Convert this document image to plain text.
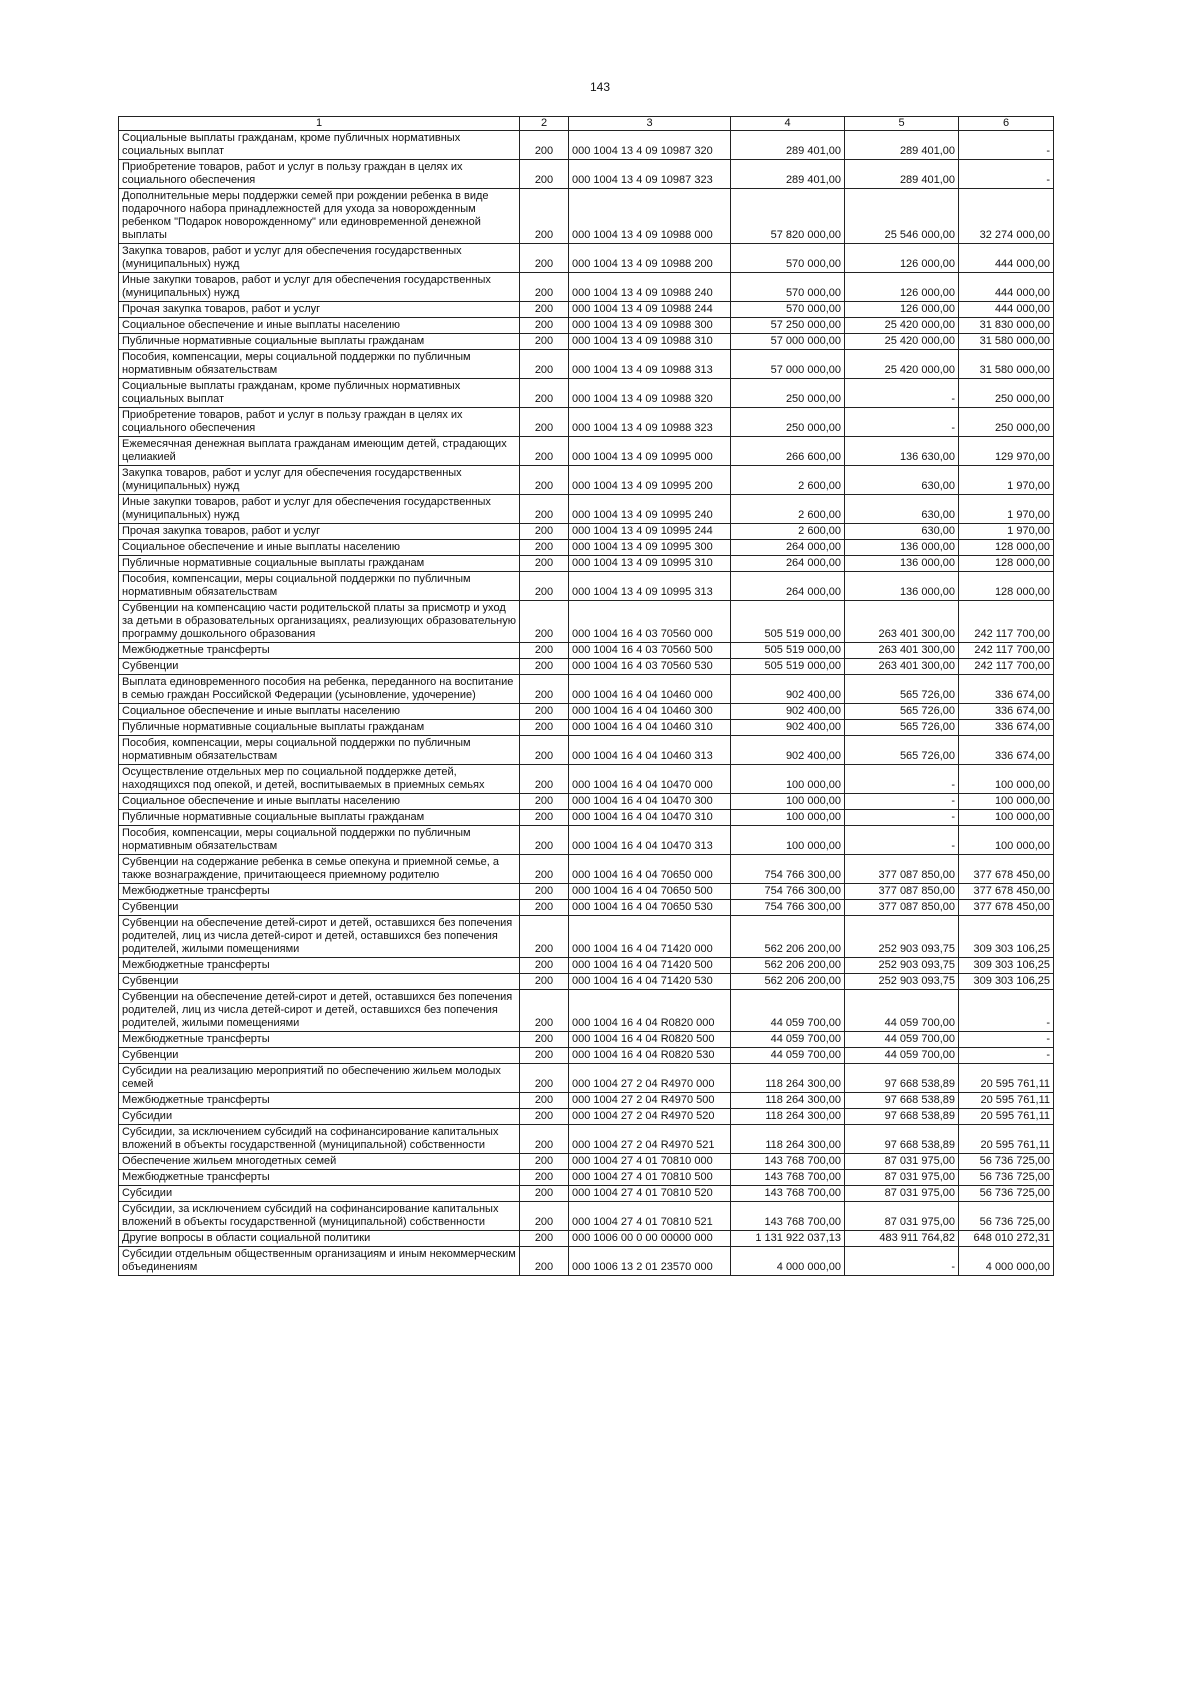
143
1	2	3	4	5	6
Социальные выплаты гражданам, кроме публичных нормативных социальных выплат	200	000 1004 13 4 09 10987 320	289 401,00	289 401,00	-
Приобретение товаров, работ и услуг в пользу граждан в целях их социального обеспечения	200	000 1004 13 4 09 10987 323	289 401,00	289 401,00	-
Дополнительные меры поддержки семей при рождении ребенка в виде подарочного набора принадлежностей для ухода за новорожденным ребенком "Подарок новорожденному" или единовременной денежной выплаты	200	000 1004 13 4 09 10988 000	57 820 000,00	25 546 000,00	32 274 000,00
Закупка товаров, работ и услуг для обеспечения государственных (муниципальных) нужд	200	000 1004 13 4 09 10988 200	570 000,00	126 000,00	444 000,00
Иные закупки товаров, работ и услуг для обеспечения государственных (муниципальных) нужд	200	000 1004 13 4 09 10988 240	570 000,00	126 000,00	444 000,00
Прочая закупка товаров, работ и услуг	200	000 1004 13 4 09 10988 244	570 000,00	126 000,00	444 000,00
Социальное обеспечение и иные выплаты населению	200	000 1004 13 4 09 10988 300	57 250 000,00	25 420 000,00	31 830 000,00
Публичные нормативные социальные выплаты гражданам	200	000 1004 13 4 09 10988 310	57 000 000,00	25 420 000,00	31 580 000,00
Пособия, компенсации, меры социальной поддержки по публичным нормативным обязательствам	200	000 1004 13 4 09 10988 313	57 000 000,00	25 420 000,00	31 580 000,00
Социальные выплаты гражданам, кроме публичных нормативных социальных выплат	200	000 1004 13 4 09 10988 320	250 000,00	-	250 000,00
Приобретение товаров, работ и услуг в пользу граждан в целях их социального обеспечения	200	000 1004 13 4 09 10988 323	250 000,00	-	250 000,00
Ежемесячная денежная выплата гражданам имеющим детей, страдающих целиакией	200	000 1004 13 4 09 10995 000	266 600,00	136 630,00	129 970,00
Закупка товаров, работ и услуг для обеспечения государственных (муниципальных) нужд	200	000 1004 13 4 09 10995 200	2 600,00	630,00	1 970,00
Иные закупки товаров, работ и услуг для обеспечения государственных (муниципальных) нужд	200	000 1004 13 4 09 10995 240	2 600,00	630,00	1 970,00
Прочая закупка товаров, работ и услуг	200	000 1004 13 4 09 10995 244	2 600,00	630,00	1 970,00
Социальное обеспечение и иные выплаты населению	200	000 1004 13 4 09 10995 300	264 000,00	136 000,00	128 000,00
Публичные нормативные социальные выплаты гражданам	200	000 1004 13 4 09 10995 310	264 000,00	136 000,00	128 000,00
Пособия, компенсации, меры социальной поддержки по публичным нормативным обязательствам	200	000 1004 13 4 09 10995 313	264 000,00	136 000,00	128 000,00
Субвенции на компенсацию части родительской платы за присмотр и уход за детьми в образовательных организациях, реализующих образовательную программу дошкольного образования	200	000 1004 16 4 03 70560 000	505 519 000,00	263 401 300,00	242 117 700,00
Межбюджетные трансферты	200	000 1004 16 4 03 70560 500	505 519 000,00	263 401 300,00	242 117 700,00
Субвенции	200	000 1004 16 4 03 70560 530	505 519 000,00	263 401 300,00	242 117 700,00
Выплата единовременного пособия на ребенка, переданного на воспитание в семью граждан Российской Федерации (усыновление, удочерение)	200	000 1004 16 4 04 10460 000	902 400,00	565 726,00	336 674,00
Социальное обеспечение и иные выплаты населению	200	000 1004 16 4 04 10460 300	902 400,00	565 726,00	336 674,00
Публичные нормативные социальные выплаты гражданам	200	000 1004 16 4 04 10460 310	902 400,00	565 726,00	336 674,00
Пособия, компенсации, меры социальной поддержки по публичным нормативным обязательствам	200	000 1004 16 4 04 10460 313	902 400,00	565 726,00	336 674,00
Осуществление отдельных мер по социальной поддержке детей, находящихся под опекой, и детей, воспитываемых в приемных семьях	200	000 1004 16 4 04 10470 000	100 000,00	-	100 000,00
Социальное обеспечение и иные выплаты населению	200	000 1004 16 4 04 10470 300	100 000,00	-	100 000,00
Публичные нормативные социальные выплаты гражданам	200	000 1004 16 4 04 10470 310	100 000,00	-	100 000,00
Пособия, компенсации, меры социальной поддержки по публичным нормативным обязательствам	200	000 1004 16 4 04 10470 313	100 000,00	-	100 000,00
Субвенции на содержание ребенка в семье опекуна и приемной семье, а также вознаграждение, причитающееся приемному родителю	200	000 1004 16 4 04 70650 000	754 766 300,00	377 087 850,00	377 678 450,00
Межбюджетные трансферты	200	000 1004 16 4 04 70650 500	754 766 300,00	377 087 850,00	377 678 450,00
Субвенции	200	000 1004 16 4 04 70650 530	754 766 300,00	377 087 850,00	377 678 450,00
Субвенции на обеспечение детей-сирот и детей, оставшихся без попечения родителей, лиц из числа детей-сирот и детей, оставшихся без попечения родителей, жилыми помещениями	200	000 1004 16 4 04 71420 000	562 206 200,00	252 903 093,75	309 303 106,25
Межбюджетные трансферты	200	000 1004 16 4 04 71420 500	562 206 200,00	252 903 093,75	309 303 106,25
Субвенции	200	000 1004 16 4 04 71420 530	562 206 200,00	252 903 093,75	309 303 106,25
Субвенции на обеспечение детей-сирот и детей, оставшихся без попечения родителей, лиц из числа детей-сирот и детей, оставшихся без попечения родителей, жилыми помещениями	200	000 1004 16 4 04 R0820 000	44 059 700,00	44 059 700,00	-
Межбюджетные трансферты	200	000 1004 16 4 04 R0820 500	44 059 700,00	44 059 700,00	-
Субвенции	200	000 1004 16 4 04 R0820 530	44 059 700,00	44 059 700,00	-
Субсидии на реализацию мероприятий по обеспечению жильем молодых семей	200	000 1004 27 2 04 R4970 000	118 264 300,00	97 668 538,89	20 595 761,11
Межбюджетные трансферты	200	000 1004 27 2 04 R4970 500	118 264 300,00	97 668 538,89	20 595 761,11
Субсидии	200	000 1004 27 2 04 R4970 520	118 264 300,00	97 668 538,89	20 595 761,11
Субсидии, за исключением субсидий на софинансирование капитальных вложений в объекты государственной (муниципальной) собственности	200	000 1004 27 2 04 R4970 521	118 264 300,00	97 668 538,89	20 595 761,11
Обеспечение жильем многодетных семей	200	000 1004 27 4 01 70810 000	143 768 700,00	87 031 975,00	56 736 725,00
Межбюджетные трансферты	200	000 1004 27 4 01 70810 500	143 768 700,00	87 031 975,00	56 736 725,00
Субсидии	200	000 1004 27 4 01 70810 520	143 768 700,00	87 031 975,00	56 736 725,00
Субсидии, за исключением субсидий на софинансирование капитальных вложений в объекты государственной (муниципальной) собственности	200	000 1004 27 4 01 70810 521	143 768 700,00	87 031 975,00	56 736 725,00
Другие вопросы в области социальной политики	200	000 1006 00 0 00 00000 000	1 131 922 037,13	483 911 764,82	648 010 272,31
Субсидии отдельным общественным организациям и иным некоммерческим объединениям	200	000 1006 13 2 01 23570 000	4 000 000,00	-	4 000 000,00
